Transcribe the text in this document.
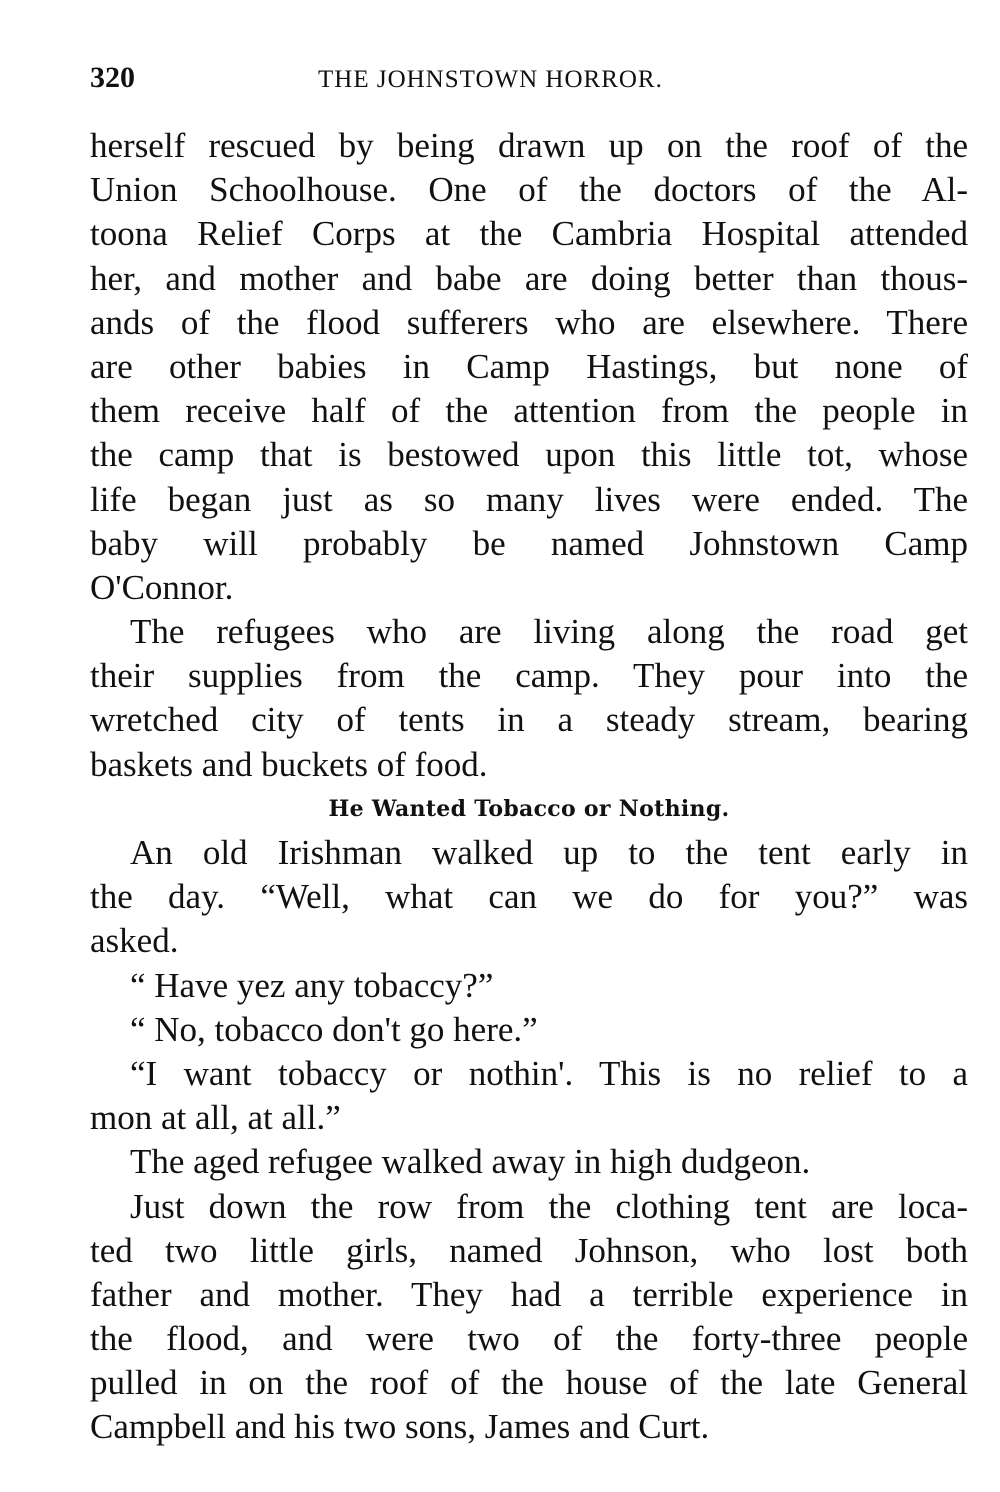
320	THE JOHNSTOWN HORROR.
herself rescued by being drawn up on the roof of the
Union Schoolhouse. One of the doctors of the Al-
toona Relief Corps at the Cambria Hospital attended
her, and mother and babe are doing better than thous-
ands of the flood sufferers who are elsewhere. There
are other babies in Camp Hastings, but none of
them receive half of the attention from the people in
the camp that is bestowed upon this little tot, whose
life began just as so many lives were ended. The
baby will probably be named Johnstown Camp
O'Connor.
The refugees who are living along the road get
their supplies from the camp. They pour into the
wretched city of tents in a steady stream, bearing
baskets and buckets of food.
He Wanted Tobacco or Nothing.
An old Irishman walked up to the tent early in
the day. “Well, what can we do for you?” was
asked.
“ Have yez any tobaccy?”
“ No, tobacco don't go here.”
“I want tobaccy or nothin'. This is no relief to a
mon at all, at all.”
The aged refugee walked away in high dudgeon.
Just down the row from the clothing tent are loca-
ted two little girls, named Johnson, who lost both
father and mother. They had a terrible experience in
the flood, and were two of the forty-three people
pulled in on the roof of the house of the late General
Campbell and his two sons, James and Curt.
